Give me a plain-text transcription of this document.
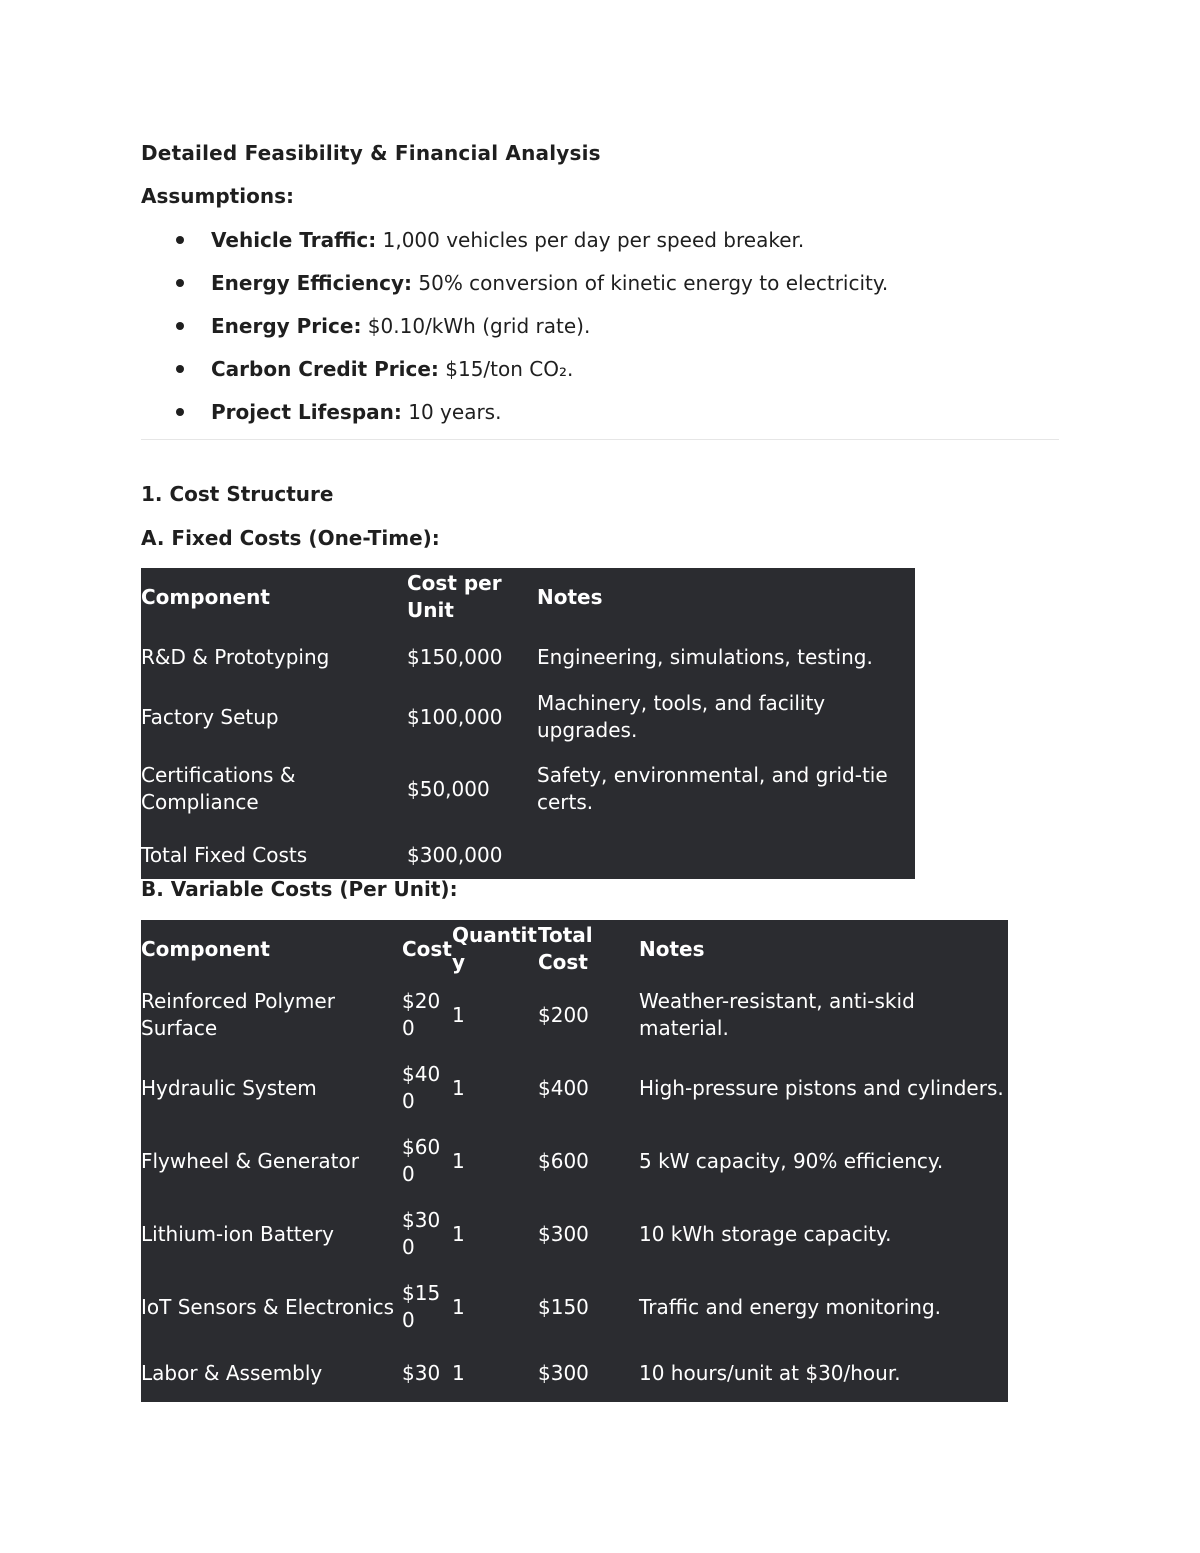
Detailed Feasibility & Financial Analysis
Assumptions:
Vehicle Traffic: 1,000 vehicles per day per speed breaker.
Energy Efficiency: 50% conversion of kinetic energy to electricity.
Energy Price: $0.10/kWh (grid rate).
Carbon Credit Price: $15/ton CO₂.
Project Lifespan: 10 years.
1. Cost Structure
A. Fixed Costs (One-Time):
Component	Cost per Unit	Notes
R&D & Prototyping	$150,000	Engineering, simulations, testing.
Factory Setup	$100,000	Machinery, tools, and facility upgrades.
Certifications & Compliance	$50,000	Safety, environmental, and grid-tie certs.
Total Fixed Costs	$300,000	
B. Variable Costs (Per Unit):
Component	Cost	Quantity	Total Cost	Notes
Reinforced Polymer Surface	$200	1	$200	Weather-resistant, anti-skid material.
Hydraulic System	$400	1	$400	High-pressure pistons and cylinders.
Flywheel & Generator	$600	1	$600	5 kW capacity, 90% efficiency.
Lithium-ion Battery	$300	1	$300	10 kWh storage capacity.
IoT Sensors & Electronics	$150	1	$150	Traffic and energy monitoring.
Labor & Assembly	$30	1	$300	10 hours/unit at $30/hour.
